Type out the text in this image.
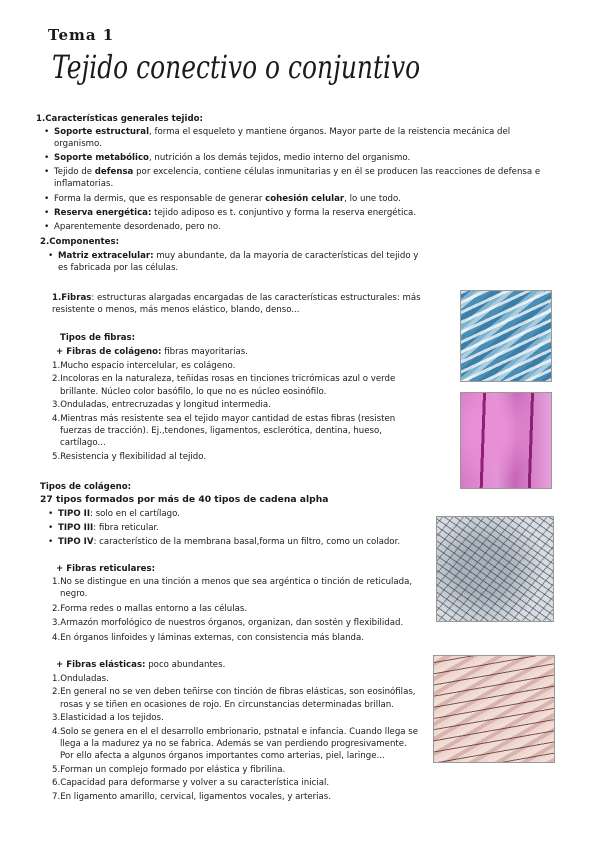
Tema 1
Tejido conectivo o conjuntivo
1.Características generales tejido:
• Soporte estructural, forma el esqueleto y mantiene órganos. Mayor parte de la reistencia mecánica del
organismo.
• Soporte metabólico, nutrición a los demás tejidos, medio interno del organismo.
• Tejido de defensa por excelencia, contiene células inmunitarias y en él se producen las reacciones de defensa e
inflamatorias.
• Forma la dermis, que es responsable de generar cohesión celular, lo une todo.
• Reserva energética: tejido adiposo es t. conjuntivo y forma la reserva energética.
• Aparentemente desordenado, pero no.
2.Componentes:
• Matriz extracelular: muy abundante, da la mayoria de características del tejido y
es fabricada por las células.
1.Fibras: estructuras alargadas encargadas de las características estructurales: más
resistente o menos, más menos elástico, blando, denso...
Tipos de fibras:
+ Fibras de colágeno: fibras mayoritarias.
1.Mucho espacio intercelular, es colágeno.
2.Incoloras en la naturaleza, teñidas rosas en tinciones tricrómicas azul o verde
brillante. Núcleo color basófilo, lo que no es núcleo eosinófilo.
3.Onduladas, entrecruzadas y longitud intermedia.
4.Mientras más resistente sea el tejido mayor cantidad de estas fibras (resisten
fuerzas de tracción). Ej.,tendones, ligamentos, esclerótica, dentina, hueso,
cartílago...
5.Resistencia y flexibilidad al tejido.
Tipos de colágeno:
27 tipos formados por más de 40 tipos de cadena alpha
• TIPO II: solo en el cartílago.
• TIPO III: fibra reticular.
• TIPO IV: característico de la membrana basal,forma un filtro, como un colador.
+ Fibras reticulares:
1.No se distingue en una tinción a menos que sea argéntica o tinción de reticulada,
negro.
2.Forma redes o mallas entorno a las células.
3.Armazón morfológico de nuestros órganos, organizan, dan sostén y flexibilidad.
4.En órganos linfoides y láminas externas, con consistencia más blanda.
+ Fibras elásticas: poco abundantes.
1.Onduladas.
2.En general no se ven deben teñirse con tinción de fibras elásticas, son eosinófilas,
rosas y se tiñen en ocasiones de rojo. En circunstancias determinadas brillan.
3.Elasticidad a los tejidos.
4.Solo se genera en el el desarrollo embrionario, pstnatal e infancia. Cuando llega se
llega a la madurez ya no se fabrica. Además se van perdiendo progresivamente.
Por ello afecta a algunos órganos importantes como arterias, piel, laringe...
5.Forman un complejo formado por elástica y fibrilina.
6.Capacidad para deformarse y volver a su característica inicial.
7.En ligamento amarillo, cervical, ligamentos vocales, y arterias.
